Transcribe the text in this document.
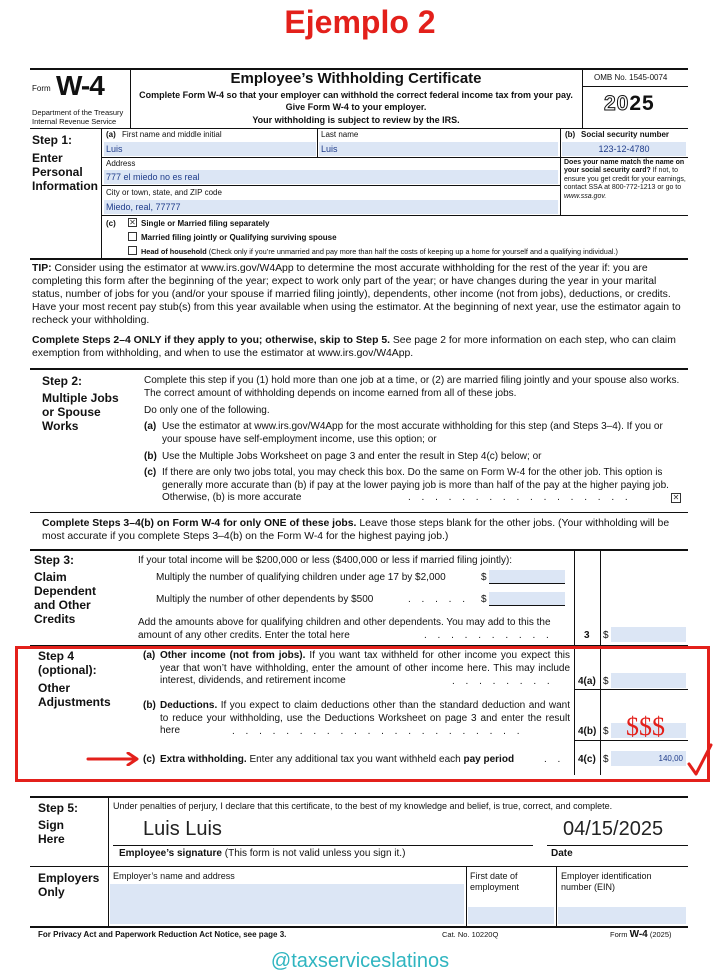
Ejemplo 2
Form W-4
Department of the Treasury
Internal Revenue Service
Employee’s Withholding Certificate
Complete Form W-4 so that your employer can withhold the correct federal income tax from your pay.
Give Form W-4 to your employer.
Your withholding is subject to review by the IRS.
OMB No. 1545-0074
2025
Step 1:
Enter
Personal
Information
(a) First name and middle initial
Luis
Last name
Luis
(b) Social security number
123-12-4780
Address
777 el miedo no es real
City or town, state, and ZIP code
Miedo, real, 77777
Does your name match the name on your social security card? If not, to ensure you get credit for your earnings, contact SSA at 800-772-1213 or go to www.ssa.gov.
(c) ✕ Single or Married filing separately
Married filing jointly or Qualifying surviving spouse
Head of household (Check only if you’re unmarried and pay more than half the costs of keeping up a home for yourself and a qualifying individual.)
TIP: Consider using the estimator at www.irs.gov/W4App to determine the most accurate withholding for the rest of the year if: you are completing this form after the beginning of the year; expect to work only part of the year; or have changes during the year in your marital status, number of jobs for you (and/or your spouse if married filing jointly), dependents, other income (not from jobs), deductions, or credits. Have your most recent pay stub(s) from this year available when using the estimator. At the beginning of next year, use the estimator again to recheck your withholding.
Complete Steps 2–4 ONLY if they apply to you; otherwise, skip to Step 5. See page 2 for more information on each step, who can claim exemption from withholding, and when to use the estimator at www.irs.gov/W4App.
Step 2:
Multiple Jobs
or Spouse
Works
Complete this step if you (1) hold more than one job at a time, or (2) are married filing jointly and your spouse also works. The correct amount of withholding depends on income earned from all of these jobs.
Do only one of the following.
(a) Use the estimator at www.irs.gov/W4App for the most accurate withholding for this step (and Steps 3–4). If you or your spouse have self-employment income, use this option; or
(b) Use the Multiple Jobs Worksheet on page 3 and enter the result in Step 4(c) below; or
(c) If there are only two jobs total, you may check this box. Do the same on Form W-4 for the other job. This option is generally more accurate than (b) if pay at the lower paying job is more than half of the pay at the higher paying job. Otherwise, (b) is more accurate	. . . . . . . . . . . . . . . . .	✕
Complete Steps 3–4(b) on Form W-4 for only ONE of these jobs. Leave those steps blank for the other jobs. (Your withholding will be most accurate if you complete Steps 3–4(b) on the Form W-4 for the highest paying job.)
Step 3:
Claim
Dependent
and Other
Credits
If your total income will be $200,000 or less ($400,000 or less if married filing jointly):
Multiply the number of qualifying children under age 17 by $2,000	$
Multiply the number of other dependents by $500	. . . . . $
Add the amounts above for qualifying children and other dependents. You may add to this the amount of any other credits. Enter the total here	. . . . . . . . . .	3 $
Step 4
(optional):
Other
Adjustments
(a) Other income (not from jobs). If you want tax withheld for other income you expect this year that won’t have withholding, enter the amount of other income here. This may include interest, dividends, and retirement income	. . . . . . . . 4(a) $
(b) Deductions. If you expect to claim deductions other than the standard deduction and want to reduce your withholding, use the Deductions Worksheet on page 3 and enter the result here	. . . . . . . . . . . . . . . . . . . . . .	4(b) $ $$$
(c) Extra withholding. Enter any additional tax you want withheld each pay period	. . 4(c) $	140,00
Step 5:
Sign
Here
Under penalties of perjury, I declare that this certificate, to the best of my knowledge and belief, is true, correct, and complete.
Luis Luis	04/15/2025
Employee’s signature (This form is not valid unless you sign it.)	Date
Employers
Only
Employer’s name and address	First date of
employment
Employer identification
number (EIN)
For Privacy Act and Paperwork Reduction Act Notice, see page 3.	Cat. No. 10220Q	Form W-4 (2025)
@taxserviceslatinos
